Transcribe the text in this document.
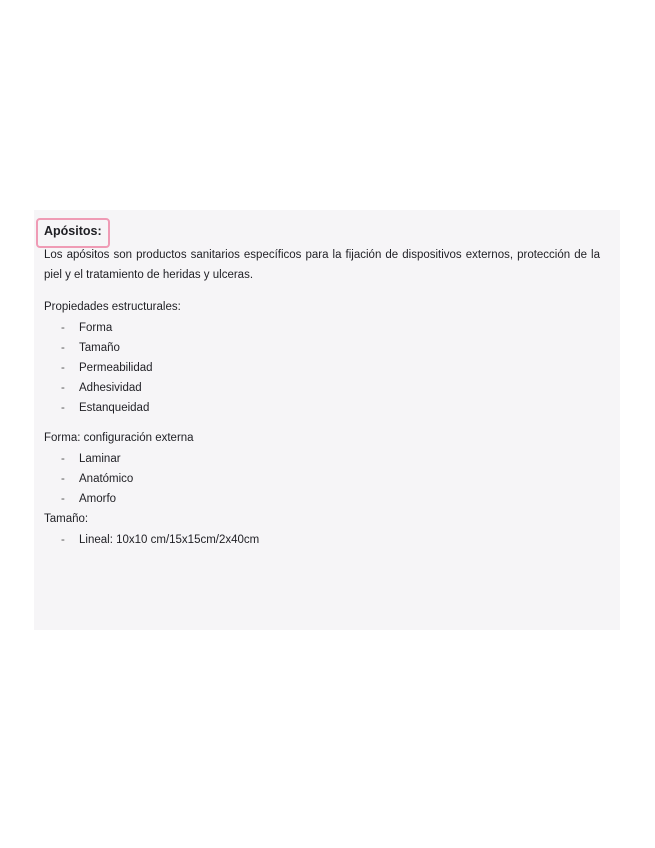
Apósitos:
Los apósitos son productos sanitarios específicos para la fijación de dispositivos externos, protección de la piel y el tratamiento de heridas y ulceras.
Propiedades estructurales:
- Forma
- Tamaño
- Permeabilidad
- Adhesividad
- Estanqueidad
Forma: configuración externa
- Laminar
- Anatómico
- Amorfo
Tamaño:
- Lineal: 10x10 cm/15x15cm/2x40cm
